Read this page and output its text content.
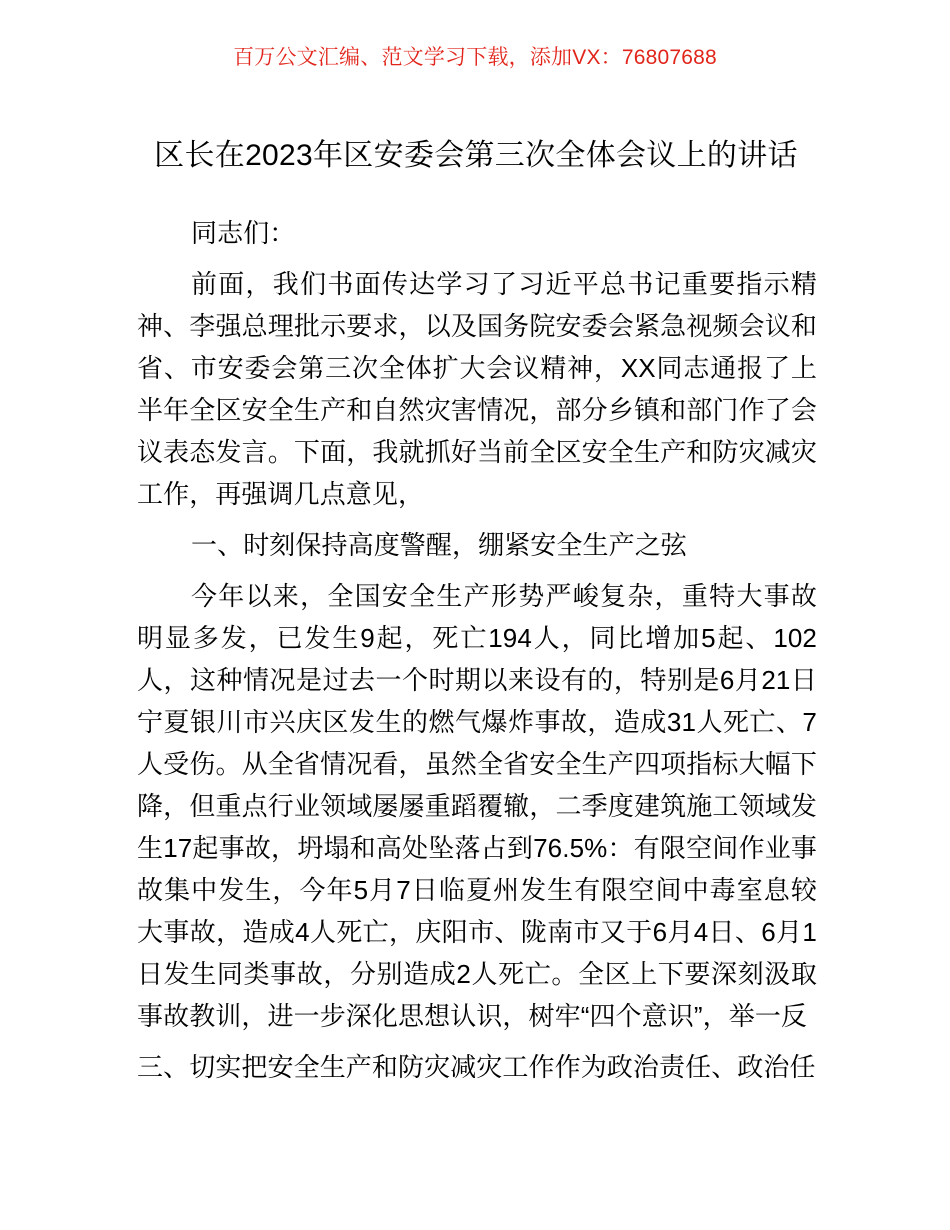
百万公文汇编、范文学习下载，添加VX：76807688
区长在2023年区安委会第三次全体会议上的讲话

同志们：

前面，我们书面传达学习了习近平总书记重要指示精神、李强总理批示要求，以及国务院安委会紧急视频会议和省、市安委会第三次全体扩大会议精神，XX同志通报了上半年全区安全生产和自然灾害情况，部分乡镇和部门作了会议表态发言。下面，我就抓好当前全区安全生产和防灾减灾工作，再强调几点意见，

一、时刻保持高度警醒，绷紧安全生产之弦

今年以来，全国安全生产形势严峻复杂，重特大事故明显多发，已发生9起，死亡194人，同比增加5起、102人，这种情况是过去一个时期以来设有的，特别是6月21日宁夏银川市兴庆区发生的燃气爆炸事故，造成31人死亡、7人受伤。从全省情况看，虽然全省安全生产四项指标大幅下降，但重点行业领域屡屡重蹈覆辙，二季度建筑施工领域发生17起事故，坍塌和高处坠落占到76.5%：有限空间作业事故集中发生，今年5月7日临夏州发生有限空间中毒室息较大事故，造成4人死亡，庆阳市、陇南市又于6月4日、6月1日发生同类事故，分别造成2人死亡。全区上下要深刻汲取事故教训，进一步深化思想认识，树牢“四个意识”，举一反

三、切实把安全生产和防灾减灾工作作为政治责任、政治任
